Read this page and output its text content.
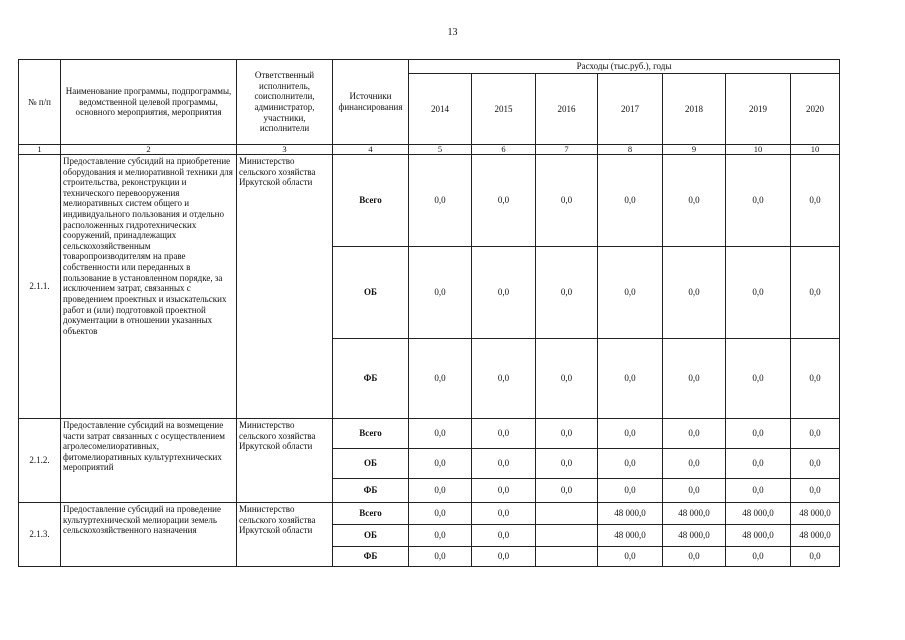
13
№ п/п	Наименование программы, подпрограммы, ведомственной целевой программы, основного мероприятия, мероприятия	Ответственный исполнитель, соисполнители, администратор, участники, исполнители	Источники финансирования	Расходы (тыс.руб.), годы						
				2014	2015	2016	2017	2018	2019	2020
1	2	3	4	5	6	7	8	9	10	10
2.1.1.	Предоставление субсидий на приобретение оборудования и мелиоративной техники для строительства, реконструкции и технического перевооружения мелиоративных систем общего и индивидуального пользования и отдельно расположенных гидротехнических сооружений, принадлежащих сельскохозяйственным товаропроизводителям на праве собственности или переданных в пользование в установленном порядке, за исключением затрат, связанных с проведением проектных и изыскательских работ и (или) подготовкой проектной документации в отношении указанных объектов	Министерство сельского хозяйства Иркутской области	Всего	0,0	0,0	0,0	0,0	0,0	0,0	0,0
			ОБ	0,0	0,0	0,0	0,0	0,0	0,0	0,0
			ФБ	0,0	0,0	0,0	0,0	0,0	0,0	0,0
2.1.2.	Предоставление субсидий на возмещение части затрат связанных с осуществлением агролесомелиоративных, фитомелиоративных культуртехнических мероприятий	Министерство сельского хозяйства Иркутской области	Всего	0,0	0,0	0,0	0,0	0,0	0,0	0,0
			ОБ	0,0	0,0	0,0	0,0	0,0	0,0	0,0
			ФБ	0,0	0,0	0,0	0,0	0,0	0,0	0,0
2.1.3.	Предоставление субсидий на проведение культуртехнической мелиорации земель сельскохозяйственного назначения	Министерство сельского хозяйства Иркутской области	Всего	0,0	0,0		48 000,0	48 000,0	48 000,0	48 000,0
			ОБ	0,0	0,0		48 000,0	48 000,0	48 000,0	48 000,0
			ФБ	0,0	0,0		0,0	0,0	0,0	0,0
